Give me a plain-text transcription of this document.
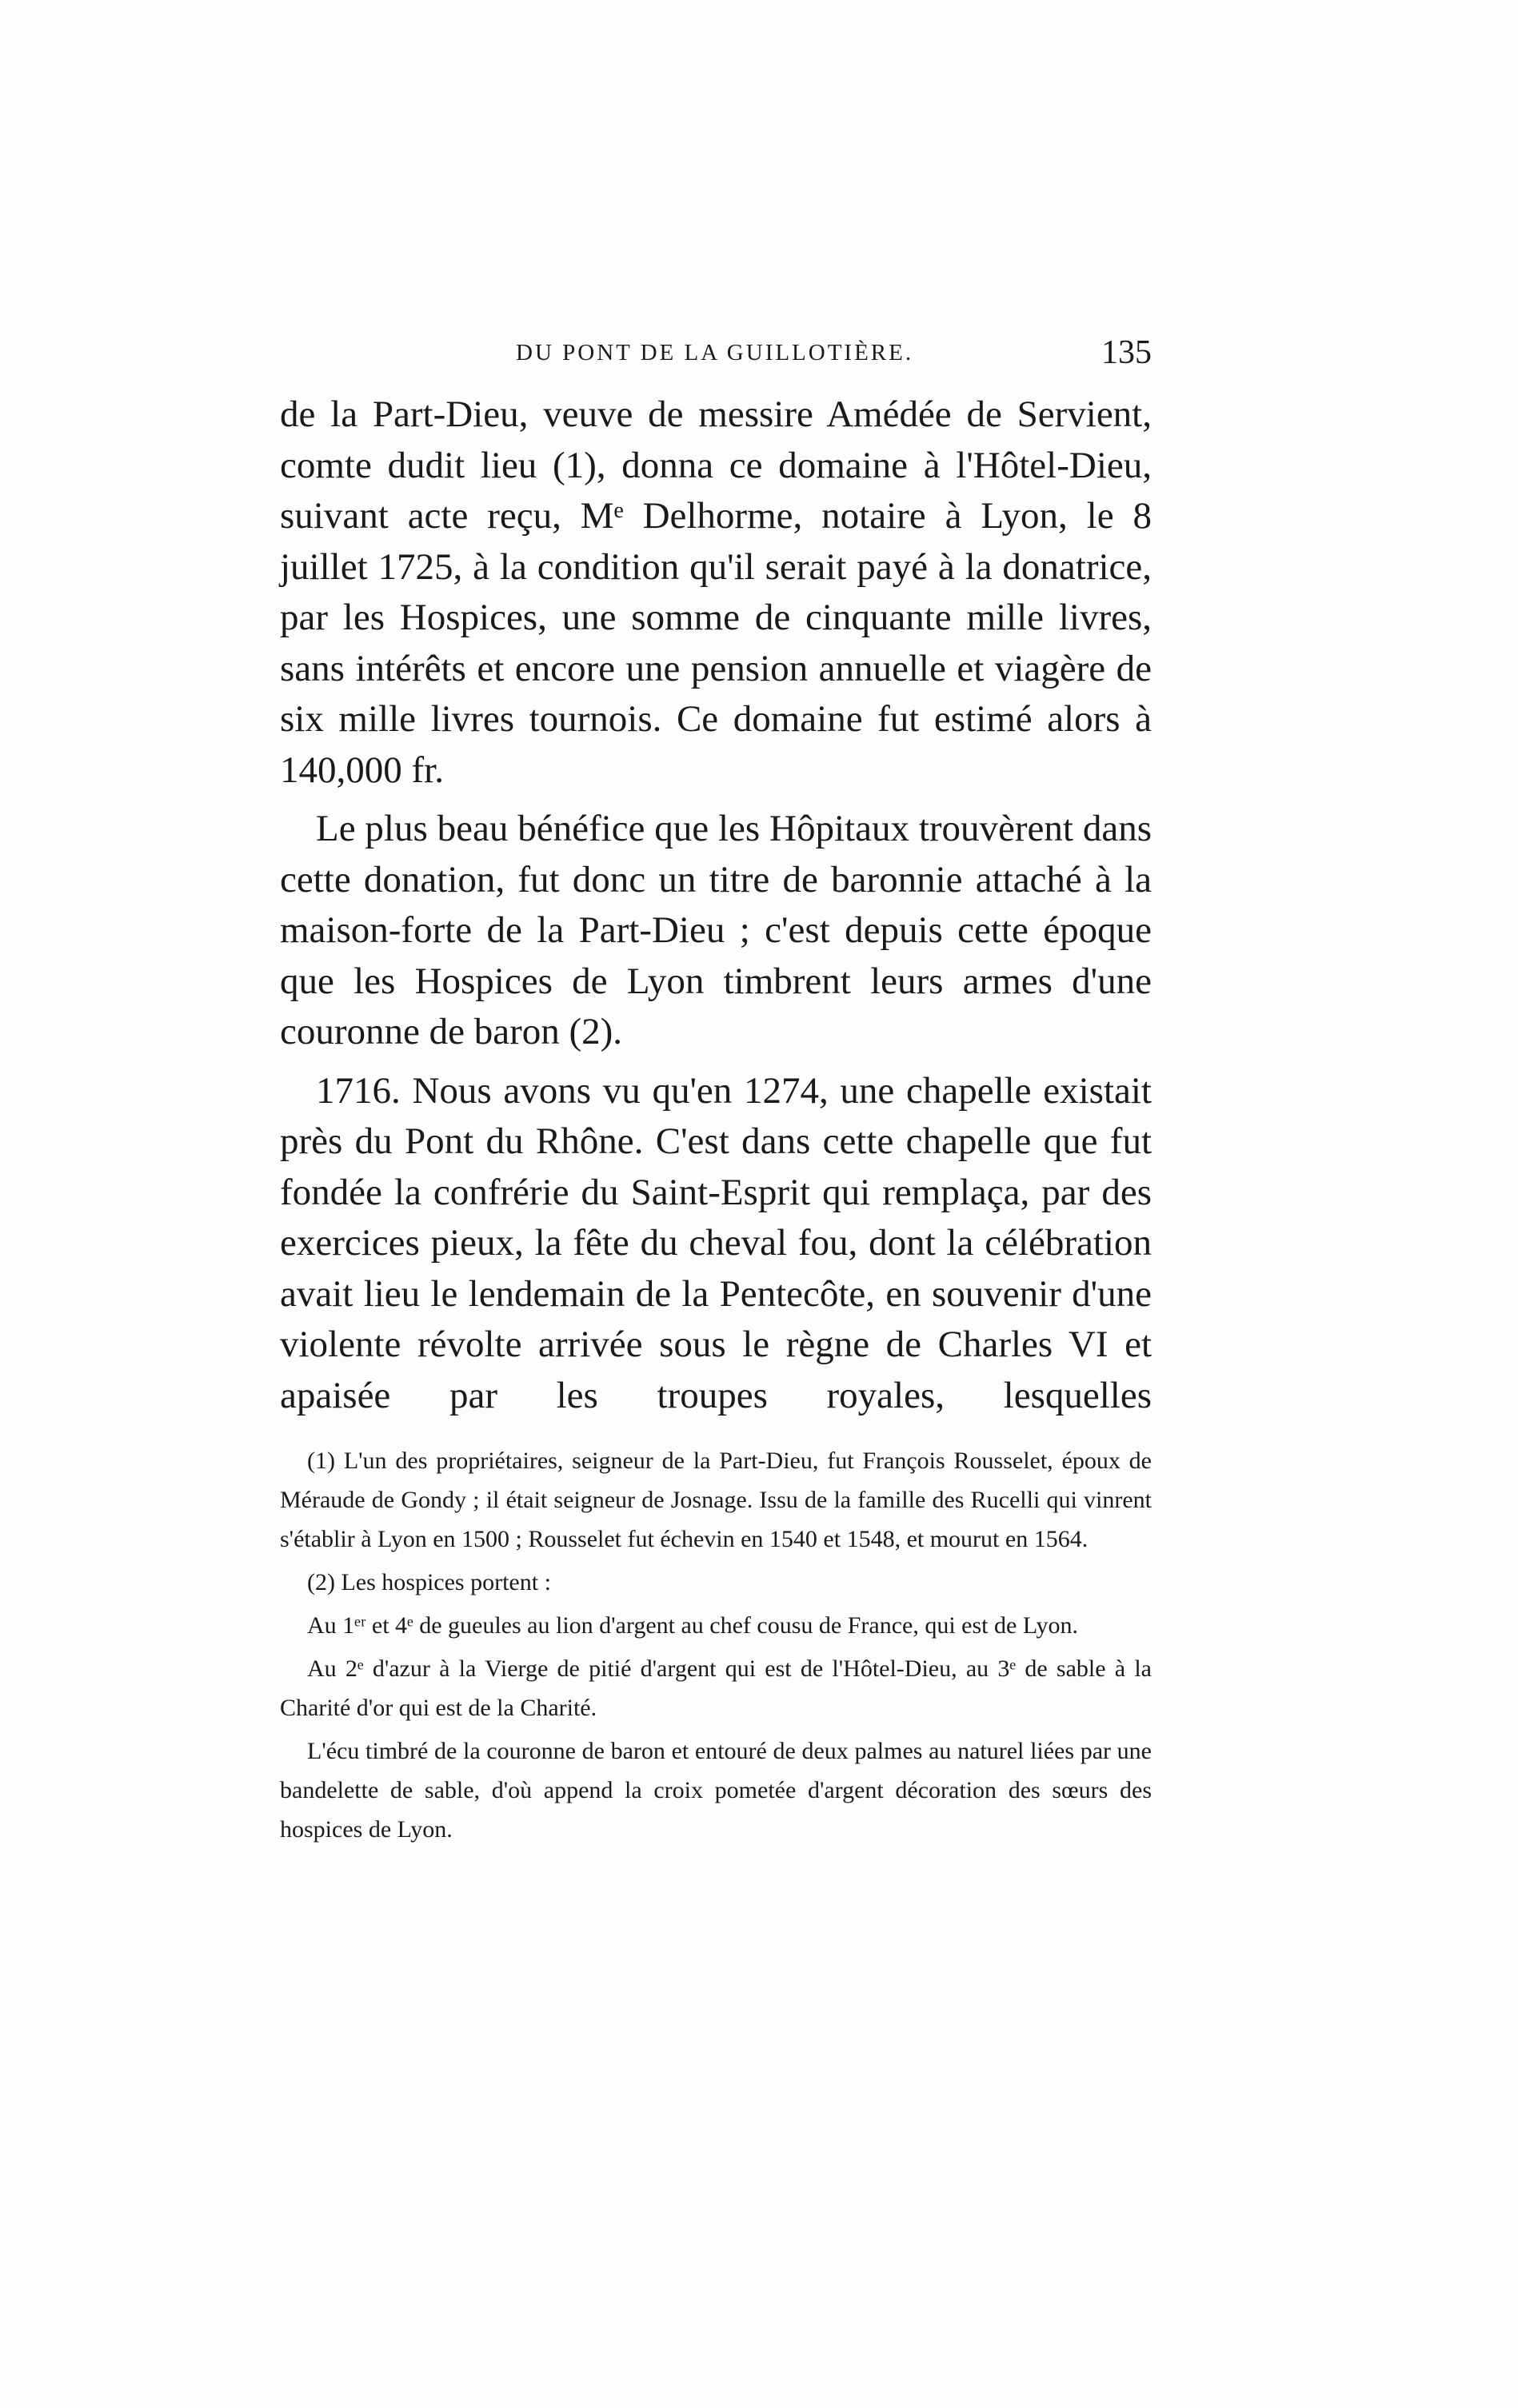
DU PONT DE LA GUILLOTIÈRE.	135

de la Part-Dieu, veuve de messire Amédée de Servient, comte dudit lieu (1), donna ce domaine à l'Hôtel-Dieu, suivant acte reçu, Mᵉ Delhorme, notaire à Lyon, le 8 juillet 1725, à la condition qu'il serait payé à la donatrice, par les Hospices, une somme de cinquante mille livres, sans intérêts et encore une pension annuelle et viagère de six mille livres tournois. Ce domaine fut estimé alors à 140,000 fr.

Le plus beau bénéfice que les Hôpitaux trouvèrent dans cette donation, fut donc un titre de baronnie attaché à la maison-forte de la Part-Dieu ; c'est depuis cette époque que les Hospices de Lyon timbrent leurs armes d'une couronne de baron (2).

1716. Nous avons vu qu'en 1274, une chapelle existait près du Pont du Rhône. C'est dans cette chapelle que fut fondée la confrérie du Saint-Esprit qui remplaça, par des exercices pieux, la fête du cheval fou, dont la célébration avait lieu le lendemain de la Pentecôte, en souvenir d'une violente révolte arrivée sous le règne de Charles VI et apaisée par les troupes royales, lesquelles

(1) L'un des propriétaires, seigneur de la Part-Dieu, fut François Rousselet, époux de Méraude de Gondy ; il était seigneur de Josnage. Issu de la famille des Rucelli qui vinrent s'établir à Lyon en 1500 ; Rousselet fut échevin en 1540 et 1548, et mourut en 1564.

(2) Les hospices portent :

Au 1ᵉʳ et 4ᵉ de gueules au lion d'argent au chef cousu de France, qui est de Lyon.

Au 2ᵉ d'azur à la Vierge de pitié d'argent qui est de l'Hôtel-Dieu, au 3ᵉ de sable à la Charité d'or qui est de la Charité.

L'écu timbré de la couronne de baron et entouré de deux palmes au naturel liées par une bandelette de sable, d'où append la croix pometée d'argent décoration des sœurs des hospices de Lyon.
